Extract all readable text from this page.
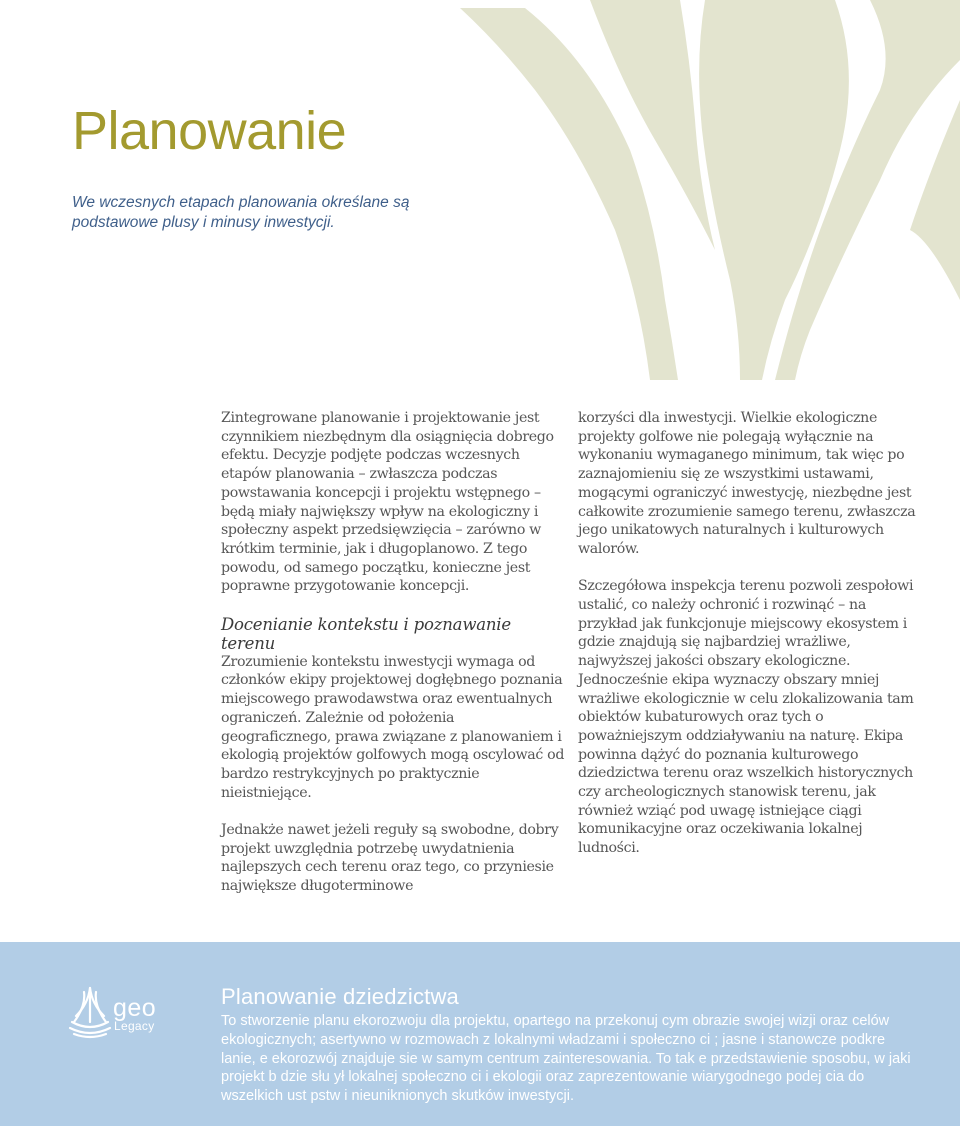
Planowanie

We wczesnych etapach planowania określane są podstawowe plusy i minusy inwestycji.

Zintegrowane planowanie i projektowanie jest czynnikiem niezbędnym dla osiągnięcia dobrego efektu. Decyzje podjęte podczas wczesnych etapów planowania – zwłaszcza podczas powstawania koncepcji i projektu wstępnego – będą miały największy wpływ na ekologiczny i społeczny aspekt przedsięwzięcia – zarówno w krótkim terminie, jak i długoplanowo. Z tego powodu, od samego początku, konieczne jest poprawne przygotowanie koncepcji.

Docenianie kontekstu i poznawanie terenu

Zrozumienie kontekstu inwestycji wymaga od członków ekipy projektowej dogłębnego poznania miejscowego prawodawstwa oraz ewentualnych ograniczeń. Zależnie od położenia geograficznego, prawa związane z planowaniem i ekologią projektów golfowych mogą oscylować od bardzo restrykcyjnych po praktycznie nieistniejące.

Jednakże nawet jeżeli reguły są swobodne, dobry projekt uwzględnia potrzebę uwydatnienia najlepszych cech terenu oraz tego, co przyniesie największe długoterminowe

korzyści dla inwestycji. Wielkie ekologiczne projekty golfowe nie polegają wyłącznie na wykonaniu wymaganego minimum, tak więc po zaznajomieniu się ze wszystkimi ustawami, mogącymi ograniczyć inwestycję, niezbędne jest całkowite zrozumienie samego terenu, zwłaszcza jego unikatowych naturalnych i kulturowych walorów.

Szczegółowa inspekcja terenu pozwoli zespołowi ustalić, co należy ochronić i rozwinąć – na przykład jak funkcjonuje miejscowy ekosystem i gdzie znajdują się najbardziej wrażliwe, najwyższej jakości obszary ekologiczne. Jednocześnie ekipa wyznaczy obszary mniej wrażliwe ekologicznie w celu zlokalizowania tam obiektów kubaturowych oraz tych o poważniejszym oddziaływaniu na naturę. Ekipa powinna dążyć do poznania kulturowego dziedzictwa terenu oraz wszelkich historycznych czy archeologicznych stanowisk terenu, jak również wziąć pod uwagę istniejące ciągi komunikacyjne oraz oczekiwania lokalnej ludności.

geo
Legacy
Planowanie dziedzictwa

To stworzenie planu ekorozwoju dla projektu, opartego na przekonuj cym obrazie swojej wizji oraz celów ekologicznych; asertywno w rozmowach z lokalnymi władzami i społeczno ci ; jasne i stanowcze podkre lanie, e ekorozwój znajduje sie w samym centrum zainteresowania. To tak e przedstawienie sposobu, w jaki projekt b dzie słu ył lokalnej społeczno ci i ekologii oraz zaprezentowanie wiarygodnego podej cia do wszelkich ust pstw i nieuniknionych skutków inwestycji.
